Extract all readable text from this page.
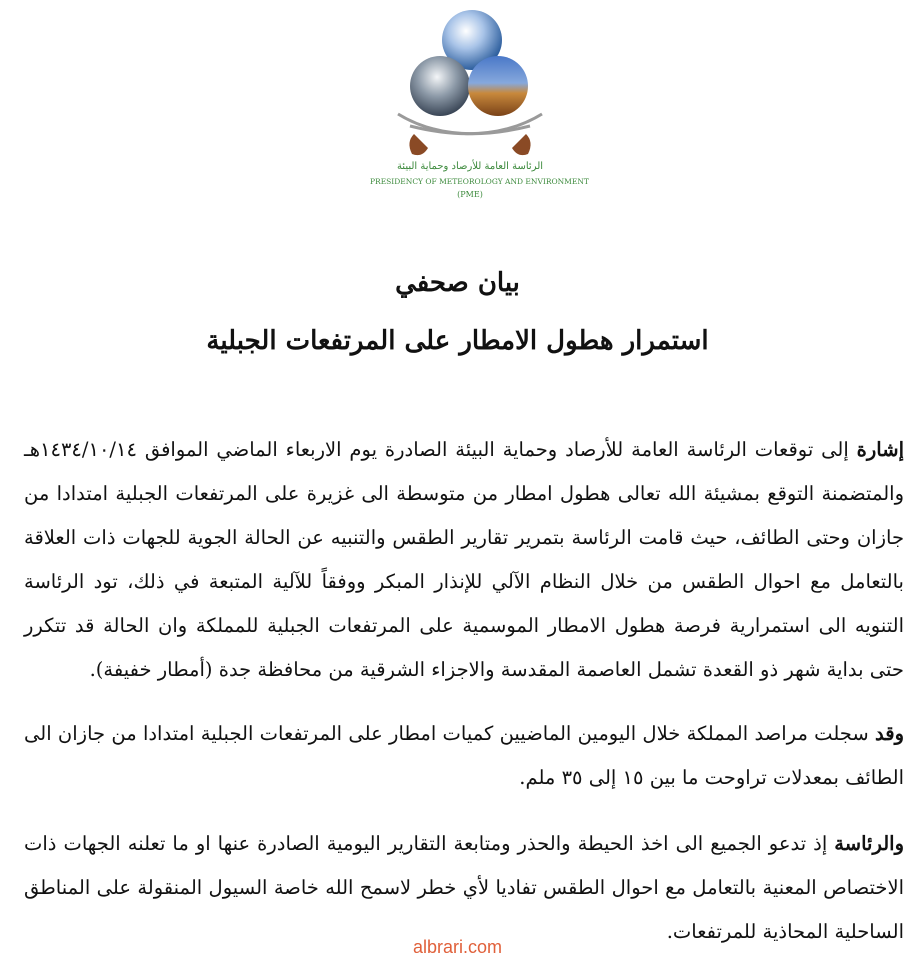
الرئاسة العامة للأرصاد وحماية البيئة
PRESIDENCY OF METEOROLOGY AND ENVIRONMENT
(PME)
بيان صحفي
استمرار هطول الامطار على المرتفعات الجبلية

إشارة إلى توقعات الرئاسة العامة للأرصاد وحماية البيئة الصادرة يوم الاربعاء الماضي الموافق ١٤٣٤/١٠/١٤هـ والمتضمنة التوقع بمشيئة الله تعالى هطول امطار من متوسطة الى غزيرة على المرتفعات الجبلية امتدادا من جازان وحتى الطائف، حيث قامت الرئاسة بتمرير تقارير الطقس والتنبيه عن الحالة الجوية للجهات ذات العلاقة بالتعامل مع احوال الطقس من خلال النظام الآلي للإنذار المبكر ووفقاً للآلية المتبعة في ذلك، تود الرئاسة التنويه الى استمرارية فرصة هطول الامطار الموسمية على المرتفعات الجبلية للمملكة وان الحالة قد تتكرر حتى بداية شهر ذو القعدة تشمل العاصمة المقدسة والاجزاء الشرقية من محافظة جدة (أمطار خفيفة).

وقد سجلت مراصد المملكة خلال اليومين الماضيين كميات امطار على المرتفعات الجبلية امتدادا من جازان الى الطائف بمعدلات تراوحت ما بين ١٥ إلى ٣٥ ملم.

والرئاسة إذ تدعو الجميع الى اخذ الحيطة والحذر ومتابعة التقارير اليومية الصادرة عنها او ما تعلنه الجهات ذات الاختصاص المعنية بالتعامل مع احوال الطقس تفاديا لأي خطر لاسمح الله خاصة السيول المنقولة على المناطق الساحلية المحاذية للمرتفعات.

albrari.com
